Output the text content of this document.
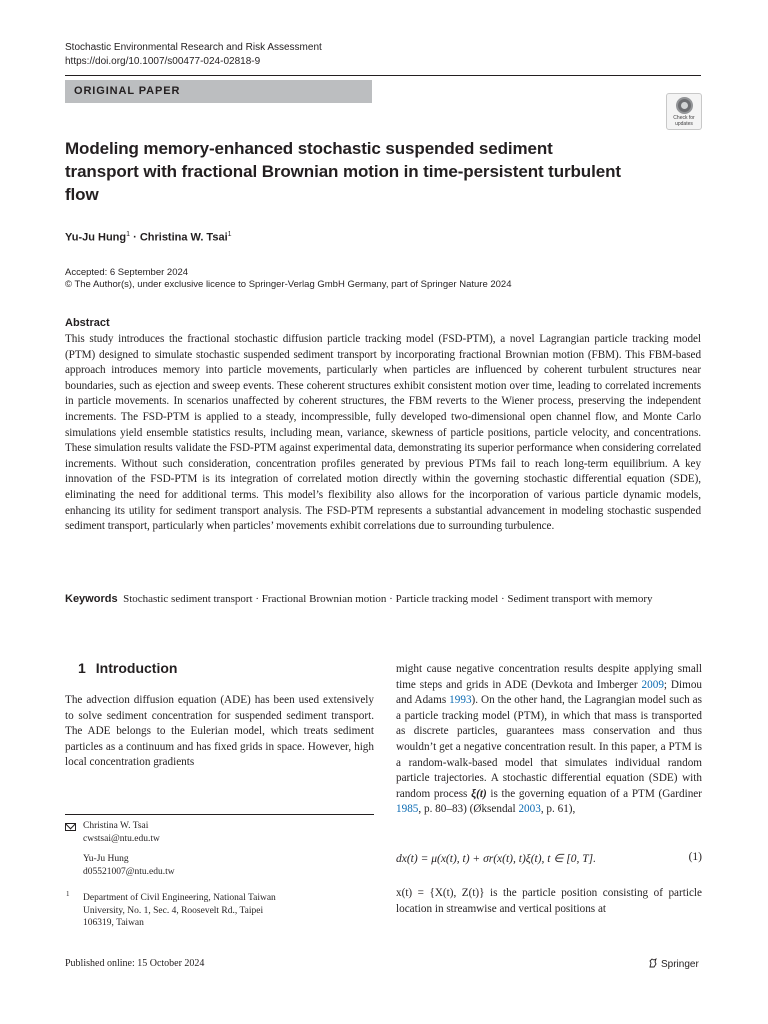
Stochastic Environmental Research and Risk Assessment
https://doi.org/10.1007/s00477-024-02818-9
ORIGINAL PAPER
Check for updates
Modeling memory-enhanced stochastic suspended sediment transport with fractional Brownian motion in time-persistent turbulent flow
Yu-Ju Hung$^1$ · Christina W. Tsai$^1$
Accepted: 6 September 2024
© The Author(s), under exclusive licence to Springer-Verlag GmbH Germany, part of Springer Nature 2024
Abstract

This study introduces the fractional stochastic diffusion particle tracking model (FSD-PTM), a novel Lagrangian particle tracking model (PTM) designed to simulate stochastic suspended sediment transport by incorporating fractional Brownian motion (FBM). This FBM-based approach introduces memory into particle movements, particularly when particles are influenced by coherent turbulent structures near boundaries, such as ejection and sweep events. These coherent structures exhibit consistent motion over time, leading to correlated increments in particle movements. In scenarios unaffected by coherent structures, the FBM reverts to the Wiener process, preserving the independent increments. The FSD-PTM is applied to a steady, incompressible, fully developed two-dimensional open channel flow, and Monte Carlo simulations yield ensemble statistics results, including mean, variance, skewness of particle positions, particle velocity, and concentrations. These simulation results validate the FSD-PTM against experimental data, demonstrating its superior performance when considering correlated increments. Without such consideration, concentration profiles generated by previous PTMs fail to reach long-term equilibrium. A key innovation of the FSD-PTM is its integration of correlated motion directly within the governing stochastic differential equation (SDE), eliminating the need for additional terms. This model’s flexibility also allows for the incorporation of various particle dynamic models, enhancing its utility for sediment transport analysis. The FSD-PTM represents a substantial advancement in modeling stochastic suspended sediment transport, particularly when particles’ movements exhibit correlations due to surrounding turbulence.

Keywords Stochastic sediment transport · Fractional Brownian motion · Particle tracking model · Sediment transport with memory
1 Introduction

The advection diffusion equation (ADE) has been used extensively to solve sediment concentration for suspended sediment transport. The ADE belongs to the Eulerian model, which treats sediment particles as a continuum and has fixed grids in space. However, high local concentration gradients

might cause negative concentration results despite applying small time steps and grids in ADE (Devkota and Imberger 2009; Dimou and Adams 1993). On the other hand, the Lagrangian model such as a particle tracking model (PTM), in which that mass is transported as discrete particles, guarantees mass conservation and thus wouldn’t get a negative concentration result. In this paper, a PTM is a random-walk-based model that simulates individual random particle trajectories. A stochastic differential equation (SDE) with random process ξ(t) is the governing equation of a PTM (Gardiner 1985, p. 80–83) (Øksendal 2003, p. 61),

dx(t) = μ(x(t), t) + σr(x(t), t)ξ(t), t ∈ [0, T].	(1)

x(t) = {X(t), Z(t)} is the particle position consisting of particle location in streamwise and vertical positions at

Christina W. Tsai
cwstsai@ntu.edu.tw
Yu-Ju Hung
d05521007@ntu.edu.tw
1 Department of Civil Engineering, National Taiwan
University, No. 1, Sec. 4, Roosevelt Rd., Taipei
106319, Taiwan
Published online: 15 October 2024	Springer
